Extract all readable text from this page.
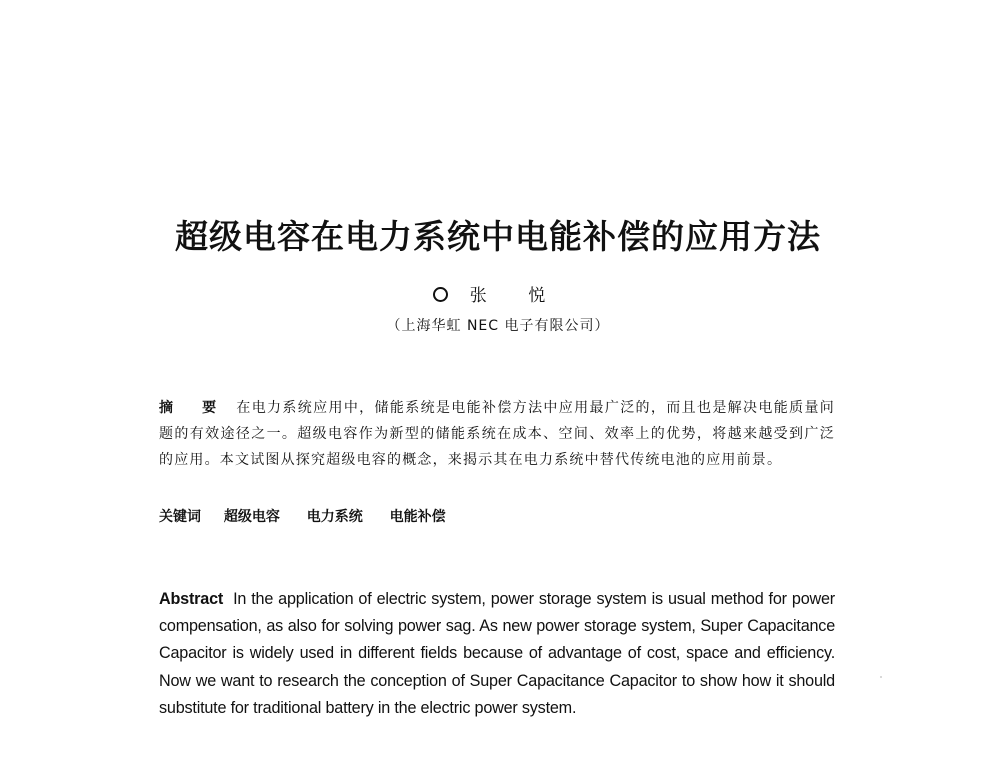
超级电容在电力系统中电能补偿的应用方法
张 悦
（上海华虹 NEC 电子有限公司）

摘 要 在电力系统应用中，储能系统是电能补偿方法中应用最广泛的，而且也是解决电能质量问题的有效途径之一。超级电容作为新型的储能系统在成本、空间、效率上的优势，将越来越受到广泛的应用。本文试图从探究超级电容的概念，来揭示其在电力系统中替代传统电池的应用前景。

关键词 超级电容 电力系统 电能补偿

Abstract In the application of electric system, power storage system is usual method for power compensation, as also for solving power sag. As new power storage system, Super Capacitance Capacitor is widely used in different fields because of advantage of cost, space and efficiency. Now we want to research the conception of Super Capacitance Capacitor to show how it should substitute for traditional battery in the electric power system.
